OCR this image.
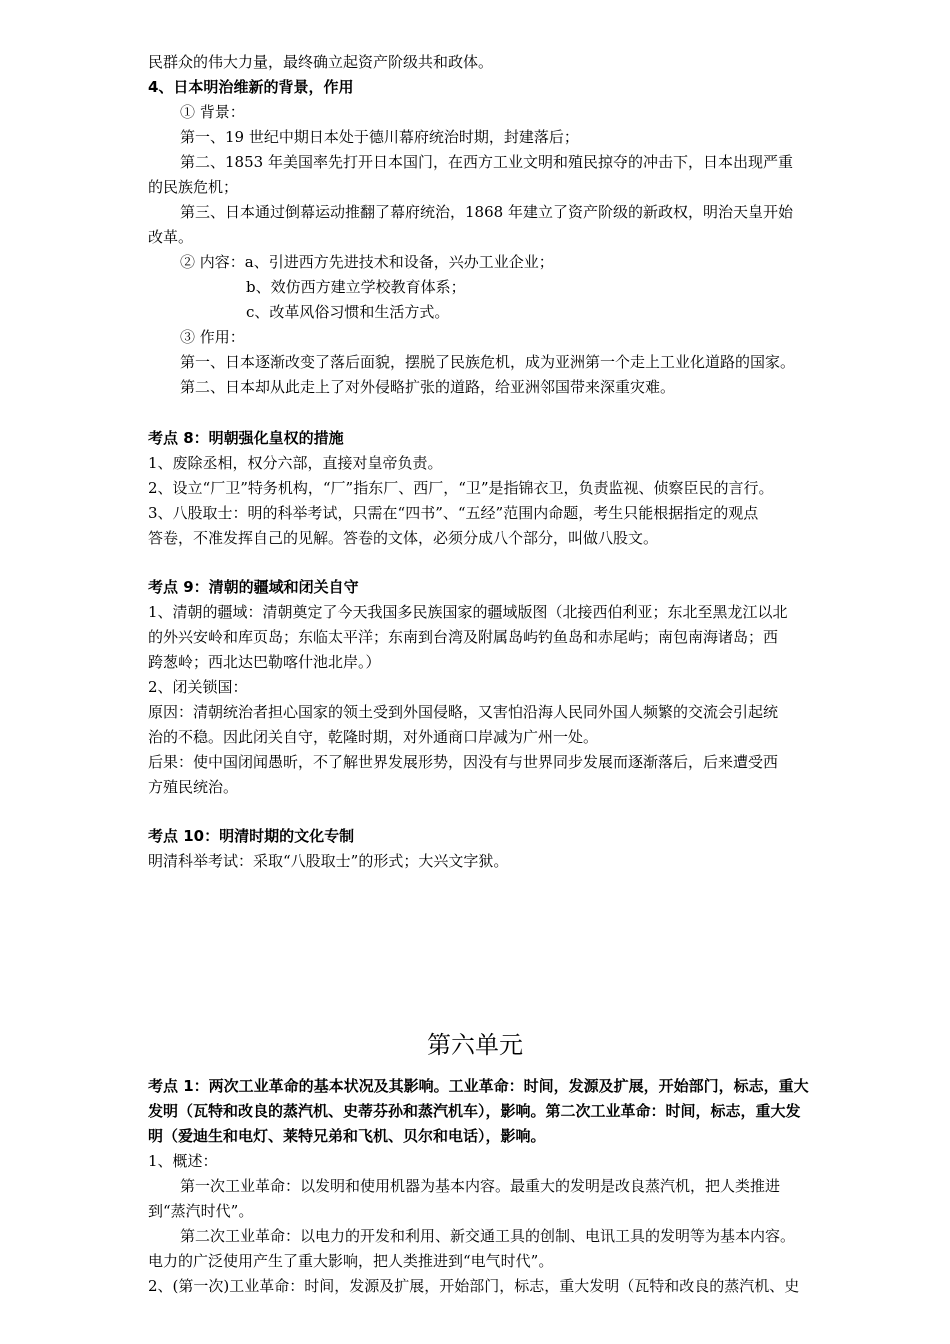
民群众的伟大力量，最终确立起资产阶级共和政体。
4、日本明治维新的背景，作用
① 背景：
第一、19 世纪中期日本处于德川幕府统治时期，封建落后；
第二、1853 年美国率先打开日本国门，在西方工业文明和殖民掠夺的冲击下，日本出现严重
的民族危机；
第三、日本通过倒幕运动推翻了幕府统治，1868 年建立了资产阶级的新政权，明治天皇开始
改革。
② 内容：a、引进西方先进技术和设备，兴办工业企业；
b、效仿西方建立学校教育体系；
c、改革风俗习惯和生活方式。
③ 作用：
第一、日本逐渐改变了落后面貌，摆脱了民族危机，成为亚洲第一个走上工业化道路的国家。
第二、日本却从此走上了对外侵略扩张的道路，给亚洲邻国带来深重灾难。
考点 8：明朝强化皇权的措施
1、废除丞相，权分六部，直接对皇帝负责。
2、设立“厂卫”特务机构，“厂”指东厂、西厂，“卫”是指锦衣卫，负责监视、侦察臣民的言行。
3、八股取士：明的科举考试，只需在“四书”、“五经”范围内命题，考生只能根据指定的观点
答卷，不准发挥自己的见解。答卷的文体，必须分成八个部分，叫做八股文。
考点 9：清朝的疆域和闭关自守
1、清朝的疆域：清朝奠定了今天我国多民族国家的疆域版图（北接西伯利亚；东北至黑龙江以北
的外兴安岭和库页岛；东临太平洋；东南到台湾及附属岛屿钓鱼岛和赤尾屿；南包南海诸岛；西
跨葱岭；西北达巴勒喀什池北岸。）
2、闭关锁国：
原因：清朝统治者担心国家的领土受到外国侵略，又害怕沿海人民同外国人频繁的交流会引起统
治的不稳。因此闭关自守，乾隆时期，对外通商口岸减为广州一处。
后果：使中国闭闻愚昕，不了解世界发展形势，因没有与世界同步发展而逐渐落后，后来遭受西
方殖民统治。
考点 10：明清时期的文化专制
明清科举考试：采取“八股取士”的形式；大兴文字狱。
第六单元
考点 1：两次工业革命的基本状况及其影响。工业革命：时间，发源及扩展，开始部门，标志，重大
发明（瓦特和改良的蒸汽机、史蒂芬孙和蒸汽机车），影响。第二次工业革命：时间，标志，重大发
明（爱迪生和电灯、莱特兄弟和飞机、贝尔和电话），影响。
1、概述：
第一次工业革命：以发明和使用机器为基本内容。最重大的发明是改良蒸汽机，把人类推进
到“蒸汽时代”。
第二次工业革命：以电力的开发和利用、新交通工具的创制、电讯工具的发明等为基本内容。
电力的广泛使用产生了重大影响，把人类推进到“电气时代”。
2、(第一次)工业革命：时间，发源及扩展，开始部门，标志，重大发明（瓦特和改良的蒸汽机、史
